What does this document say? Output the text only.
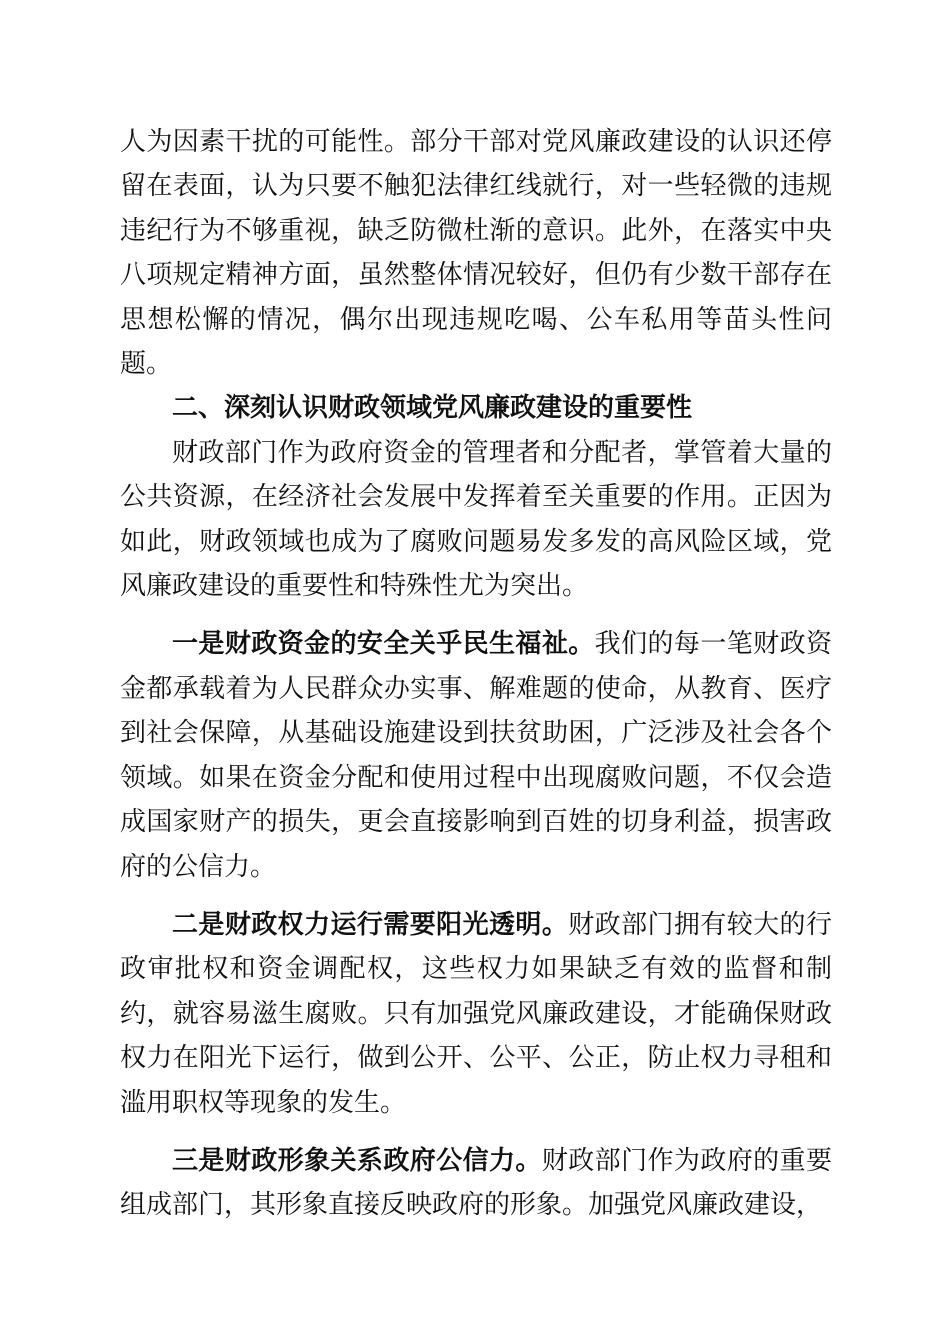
人为因素干扰的可能性。部分干部对党风廉政建设的认识还停留在表面，认为只要不触犯法律红线就行，对一些轻微的违规违纪行为不够重视，缺乏防微杜渐的意识。此外，在落实中央八项规定精神方面，虽然整体情况较好，但仍有少数干部存在思想松懈的情况，偶尔出现违规吃喝、公车私用等苗头性问题。

二、深刻认识财政领域党风廉政建设的重要性

财政部门作为政府资金的管理者和分配者，掌管着大量的公共资源，在经济社会发展中发挥着至关重要的作用。正因为如此，财政领域也成为了腐败问题易发多发的高风险区域，党风廉政建设的重要性和特殊性尤为突出。

一是财政资金的安全关乎民生福祉。我们的每一笔财政资金都承载着为人民群众办实事、解难题的使命，从教育、医疗到社会保障，从基础设施建设到扶贫助困，广泛涉及社会各个领域。如果在资金分配和使用过程中出现腐败问题，不仅会造成国家财产的损失，更会直接影响到百姓的切身利益，损害政府的公信力。

二是财政权力运行需要阳光透明。财政部门拥有较大的行政审批权和资金调配权，这些权力如果缺乏有效的监督和制约，就容易滋生腐败。只有加强党风廉政建设，才能确保财政权力在阳光下运行，做到公开、公平、公正，防止权力寻租和滥用职权等现象的发生。

三是财政形象关系政府公信力。财政部门作为政府的重要组成部门，其形象直接反映政府的形象。加强党风廉政建设，
